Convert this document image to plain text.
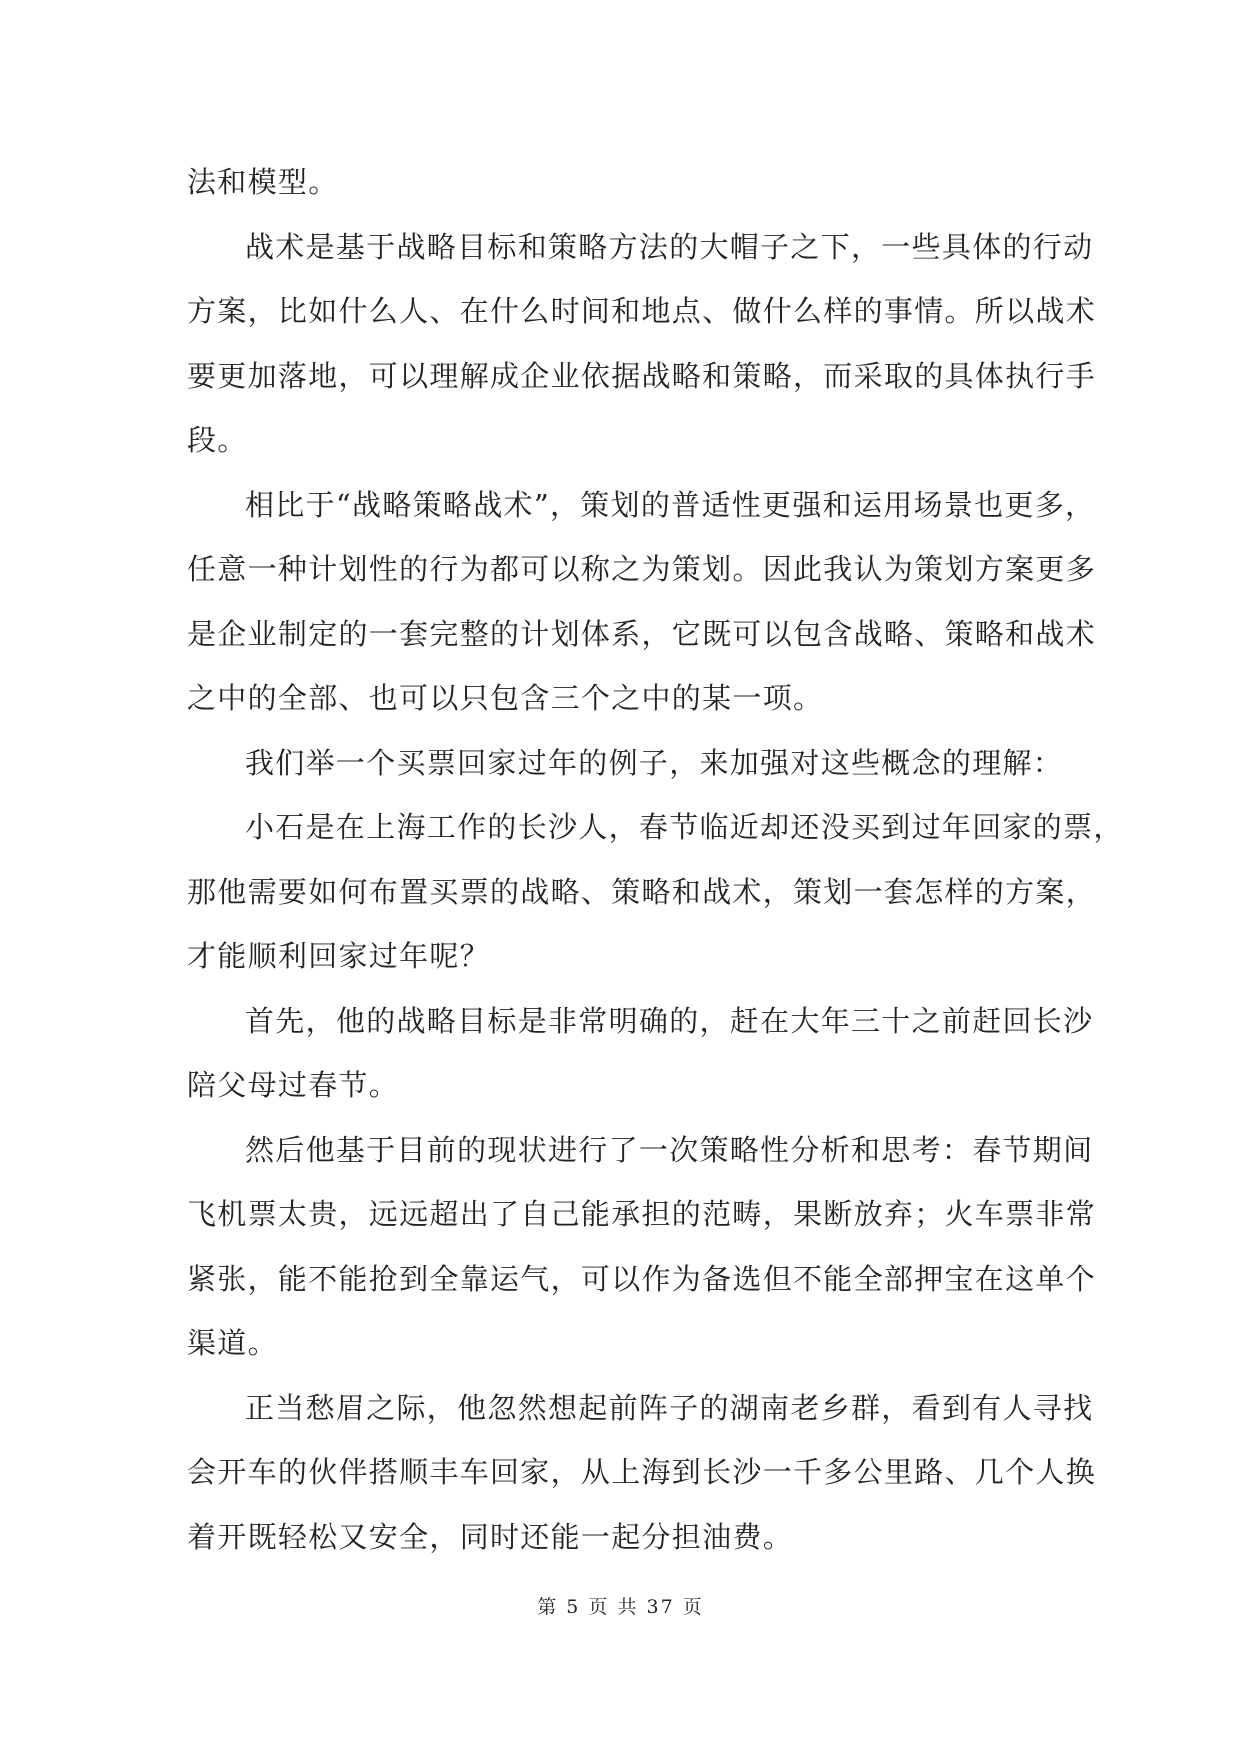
法和模型。
战术是基于战略目标和策略方法的大帽子之下，一些具体的行动
方案，比如什么人、在什么时间和地点、做什么样的事情。所以战术
要更加落地，可以理解成企业依据战略和策略，而采取的具体执行手
段。
相比于“战略策略战术”，策划的普适性更强和运用场景也更多，
任意一种计划性的行为都可以称之为策划。因此我认为策划方案更多
是企业制定的一套完整的计划体系，它既可以包含战略、策略和战术
之中的全部、也可以只包含三个之中的某一项。
我们举一个买票回家过年的例子，来加强对这些概念的理解：
小石是在上海工作的长沙人，春节临近却还没买到过年回家的票，
那他需要如何布置买票的战略、策略和战术，策划一套怎样的方案，
才能顺利回家过年呢？
首先，他的战略目标是非常明确的，赶在大年三十之前赶回长沙
陪父母过春节。
然后他基于目前的现状进行了一次策略性分析和思考：春节期间
飞机票太贵，远远超出了自己能承担的范畴，果断放弃；火车票非常
紧张，能不能抢到全靠运气，可以作为备选但不能全部押宝在这单个
渠道。
正当愁眉之际，他忽然想起前阵子的湖南老乡群，看到有人寻找
会开车的伙伴搭顺丰车回家，从上海到长沙一千多公里路、几个人换
着开既轻松又安全，同时还能一起分担油费。
第 5 页 共 37 页
